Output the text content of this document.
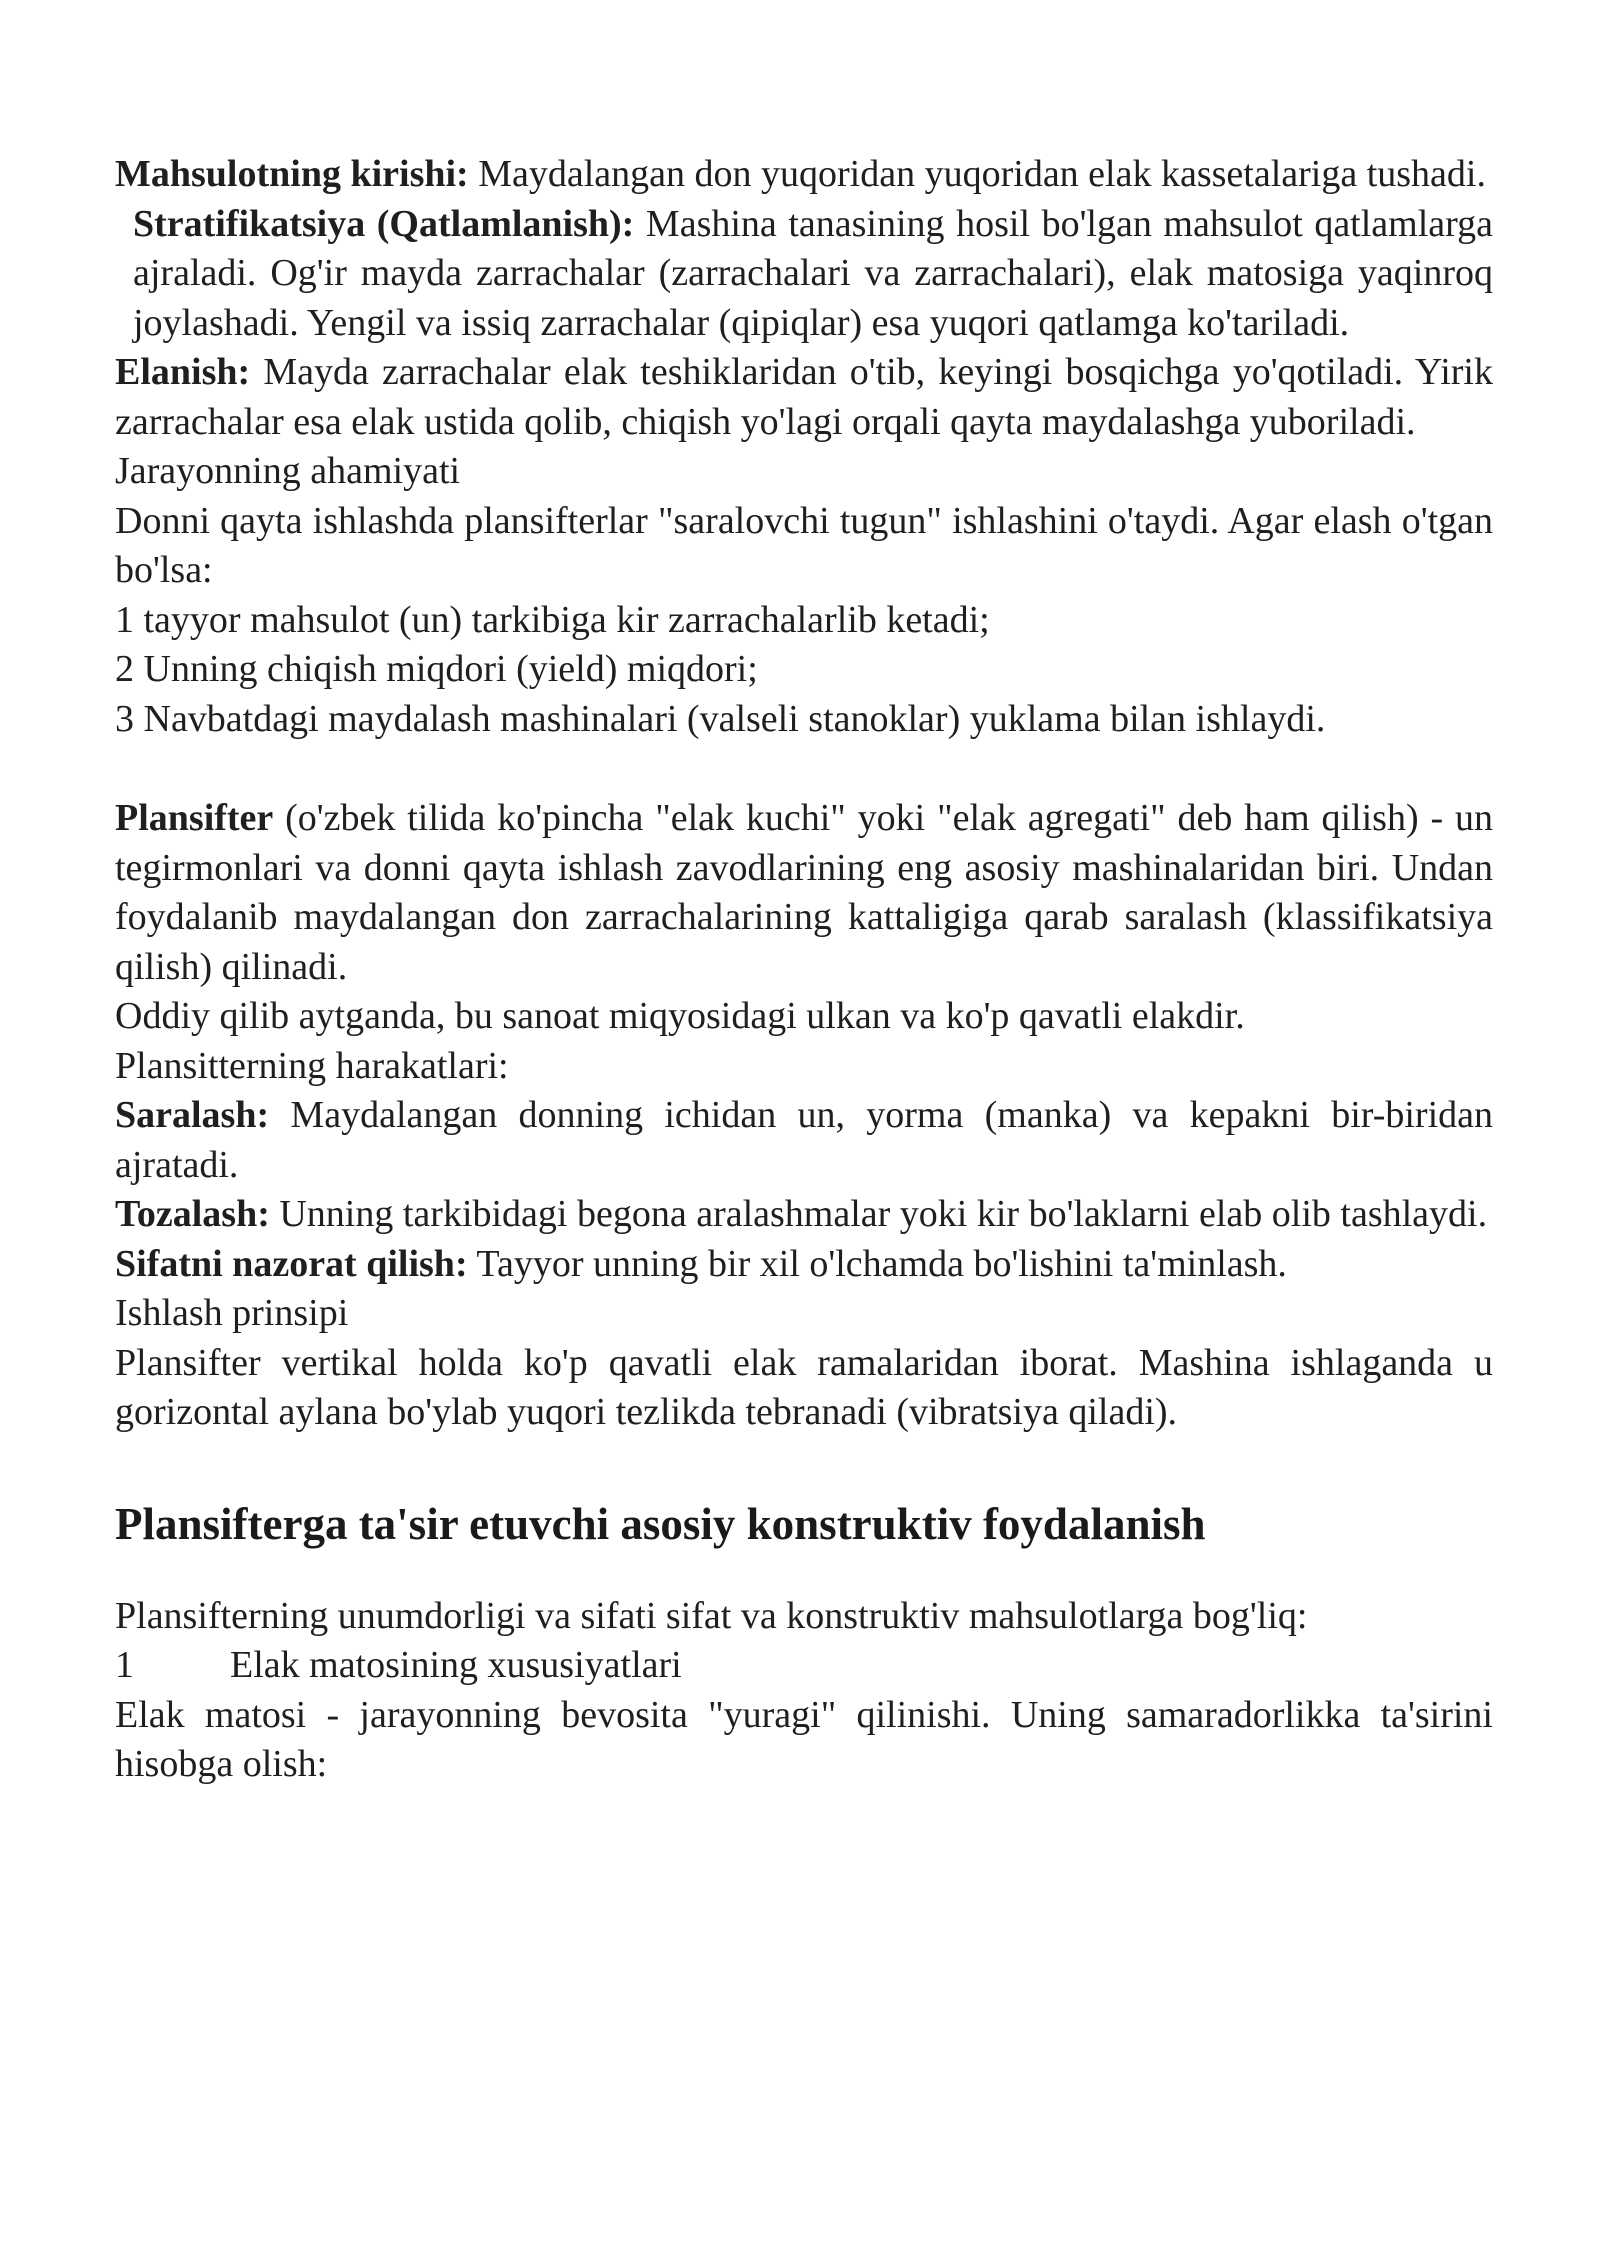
Mahsulotning kirishi: Maydalangan don yuqoridan yuqoridan elak kassetalariga tushadi.

Stratifikatsiya (Qatlamlanish): Mashina tanasining hosil bo'lgan mahsulot qatlamlarga ajraladi. Og'ir mayda zarrachalar (zarrachalari va zarrachalari), elak matosiga yaqinroq joylashadi. Yengil va issiq zarrachalar (qipiqlar) esa yuqori qatlamga ko'tariladi.

Elanish: Mayda zarrachalar elak teshiklaridan o'tib, keyingi bosqichga yo'qotiladi. Yirik zarrachalar esa elak ustida qolib, chiqish yo'lagi orqali qayta maydalashga yuboriladi.

Jarayonning ahamiyati

Donni qayta ishlashda plansifterlar "saralovchi tugun" ishlashini o'taydi. Agar elash o'tgan bo'lsa:

1 tayyor mahsulot (un) tarkibiga kir zarrachalarlib ketadi;

2 Unning chiqish miqdori (yield) miqdori;

3 Navbatdagi maydalash mashinalari (valseli stanoklar) yuklama bilan ishlaydi.

Plansifter (o'zbek tilida ko'pincha "elak kuchi" yoki "elak agregati" deb ham qilish) - un tegirmonlari va donni qayta ishlash zavodlarining eng asosiy mashinalaridan biri. Undan foydalanib maydalangan don zarrachalarining kattaligiga qarab saralash (klassifikatsiya qilish) qilinadi.

Oddiy qilib aytganda, bu sanoat miqyosidagi ulkan va ko'p qavatli elakdir.

Plansitterning harakatlari:

Saralash: Maydalangan donning ichidan un, yorma (manka) va kepakni bir-biridan ajratadi.

Tozalash: Unning tarkibidagi begona aralashmalar yoki kir bo'laklarni elab olib tashlaydi.

Sifatni nazorat qilish: Tayyor unning bir xil o'lchamda bo'lishini ta'minlash.

Ishlash prinsipi

Plansifter vertikal holda ko'p qavatli elak ramalaridan iborat. Mashina ishlaganda u gorizontal aylana bo'ylab yuqori tezlikda tebranadi (vibratsiya qiladi).

Plansifterga ta'sir etuvchi asosiy konstruktiv foydalanish

Plansifterning unumdorligi va sifati sifat va konstruktiv mahsulotlarga bog'liq:

1	Elak matosining xususiyatlari

Elak matosi - jarayonning bevosita "yuragi" qilinishi. Uning samaradorlikka ta'sirini hisobga olish:
